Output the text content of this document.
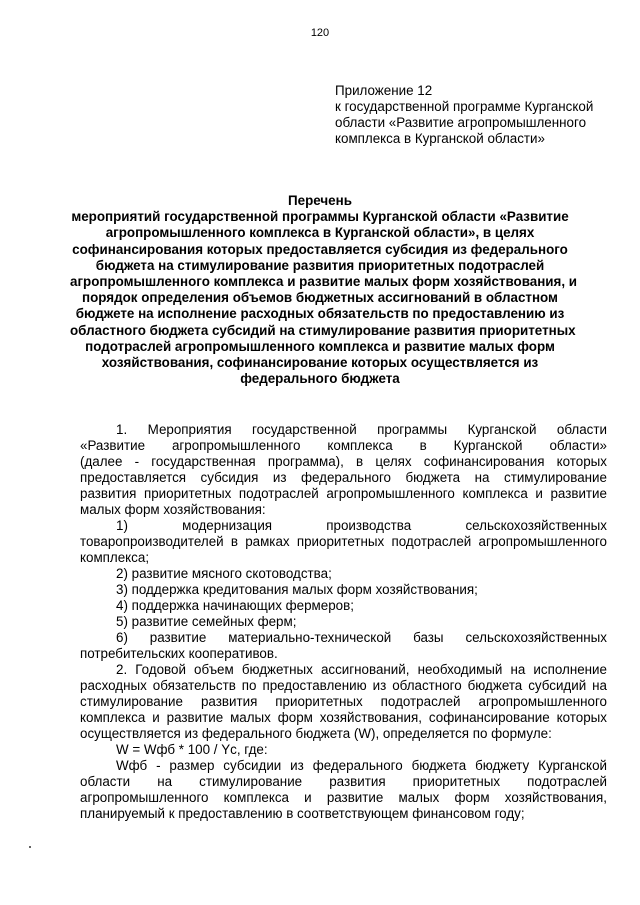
120
Приложение 12
к государственной программе Курганской
области «Развитие агропромышленного
комплекса в Курганской области»
Перечень
мероприятий государственной программы Курганской области «Развитие
агропромышленного комплекса в Курганской области», в целях
софинансирования которых предоставляется субсидия из федерального
бюджета на стимулирование развития приоритетных подотраслей
агропромышленного комплекса и развитие малых форм хозяйствования, и
порядок определения объемов бюджетных ассигнований в областном
бюджете на исполнение расходных обязательств по предоставлению из
областного бюджета субсидий на стимулирование развития приоритетных
подотраслей агропромышленного комплекса и развитие малых форм
хозяйствования, софинансирование которых осуществляется из
федерального бюджета
1. Мероприятия государственной программы Курганской области
«Развитие агропромышленного комплекса в Курганской области»
(далее - государственная программа), в целях софинансирования которых
предоставляется субсидия из федерального бюджета на стимулирование
развития приоритетных подотраслей агропромышленного комплекса и развитие
малых форм хозяйствования:
1) модернизация производства сельскохозяйственных
товаропроизводителей в рамках приоритетных подотраслей агропромышленного
комплекса;
2) развитие мясного скотоводства;
3) поддержка кредитования малых форм хозяйствования;
4) поддержка начинающих фермеров;
5) развитие семейных ферм;
6) развитие материально-технической базы сельскохозяйственных
потребительских кооперативов.
2. Годовой объем бюджетных ассигнований, необходимый на исполнение
расходных обязательств по предоставлению из областного бюджета субсидий на
стимулирование развития приоритетных подотраслей агропромышленного
комплекса и развитие малых форм хозяйствования, софинансирование которых
осуществляется из федерального бюджета (W), определяется по формуле:
W = Wфб * 100 / Yc, где:
Wфб - размер субсидии из федерального бюджета бюджету Курганской
области на стимулирование развития приоритетных подотраслей
агропромышленного комплекса и развитие малых форм хозяйствования,
планируемый к предоставлению в соответствующем финансовом году;
